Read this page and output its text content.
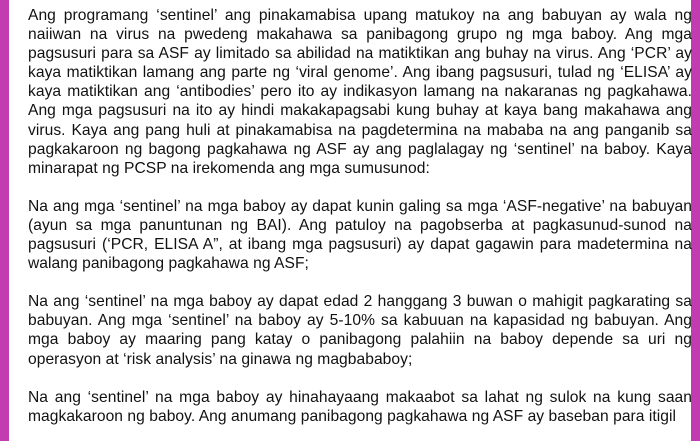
Ang programang ‘sentinel’ ang pinakamabisa upang matukoy na ang babuyan ay wala ng naiiwan na virus na pwedeng makahawa sa panibagong grupo ng mga baboy. Ang mga pagsusuri para sa ASF ay limitado sa abilidad na matiktikan ang buhay na virus. Ang ‘PCR’ ay kaya matiktikan lamang ang parte ng ‘viral genome’. Ang ibang pagsusuri, tulad ng ‘ELISA’ ay kaya matiktikan ang ‘antibodies’ pero ito ay indikasyon lamang na nakaranas ng pagkahawa. Ang mga pagsusuri na ito ay hindi makakapagsabi kung buhay at kaya bang makahawa ang virus. Kaya ang pang huli at pinakamabisa na pagdetermina na mababa na ang panganib sa pagkakaroon ng bagong pagkahawa ng ASF ay ang paglalagay ng ‘sentinel’ na baboy. Kaya minarapat ng PCSP na irekomenda ang mga sumusunod:

Na ang mga ‘sentinel’ na mga baboy ay dapat kunin galing sa mga ‘ASF-negative’ na babuyan (ayun sa mga panuntunan ng BAI). Ang patuloy na pagobserba at pagkasunud-sunod na pagsusuri (‘PCR, ELISA A”, at ibang mga pagsusuri) ay dapat gagawin para madetermina na walang panibagong pagkahawa ng ASF;

Na ang ‘sentinel’ na mga baboy ay dapat edad 2 hanggang 3 buwan o mahigit pagkarating sa babuyan. Ang mga ‘sentinel’ na baboy ay 5-10% sa kabuuan na kapasidad ng babuyan. Ang mga baboy ay maaring pang katay o panibagong palahiin na baboy depende sa uri ng operasyon at ‘risk analysis’ na ginawa ng magbababoy;

Na ang ‘sentinel’ na mga baboy ay hinahayaang makaabot sa lahat ng sulok na kung saan magkakaroon ng baboy. Ang anumang panibagong pagkahawa ng ASF ay baseban para itigil
